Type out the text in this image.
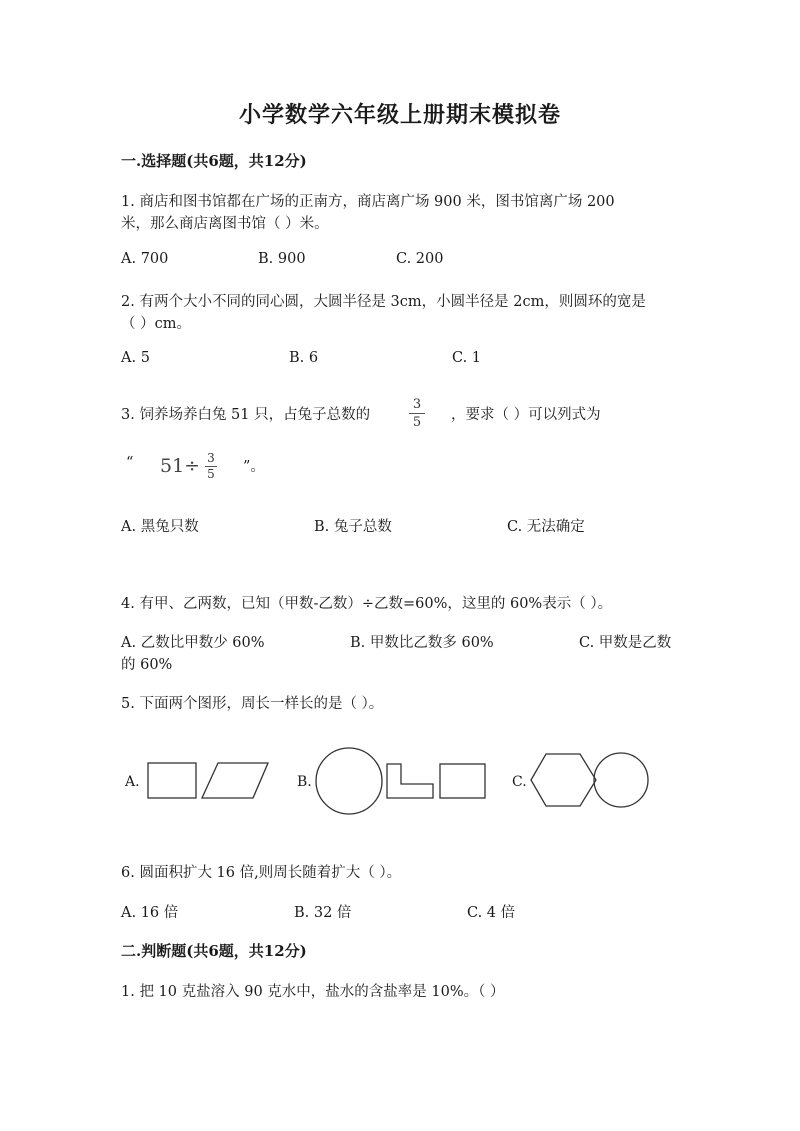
小学数学六年级上册期末模拟卷
一.选择题(共6题，共12分)
1. 商店和图书馆都在广场的正南方，商店离广场 900 米，图书馆离广场 200
米，那么商店离图书馆（ ）米。
A. 700	B. 900	C. 200
2. 有两个大小不同的同心圆，大圆半径是 3cm，小圆半径是 2cm，则圆环的宽是
（ ）cm。
A. 5	B. 6	C. 1
3. 饲养场养白兔 51 只，占兔子总数的
3
5 ，要求（ ）可以列式为
“ 51÷ 3
5 ”。
A. 黑兔只数	B. 兔子总数	C. 无法确定
4. 有甲、乙两数，已知（甲数-乙数）÷乙数=60%，这里的 60%表示（ ）。
A. 乙数比甲数少 60%	B. 甲数比乙数多 60%	C. 甲数是乙数
的 60%
5. 下面两个图形，周长一样长的是（ ）。
A.	B.	C.
6. 圆面积扩大 16 倍,则周长随着扩大（ ）。
A. 16 倍	B. 32 倍	C. 4 倍
二.判断题(共6题，共12分)
1. 把 10 克盐溶入 90 克水中，盐水的含盐率是 10%。（ ）
